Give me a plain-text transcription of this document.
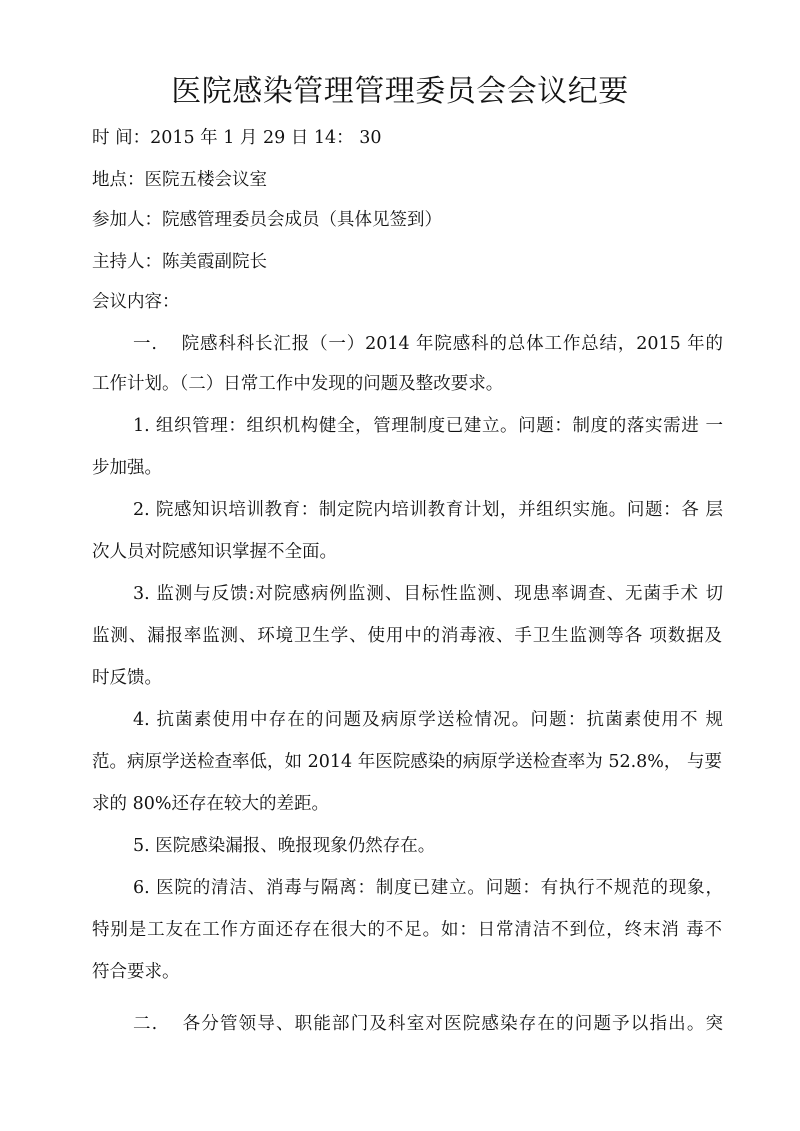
医院感染管理管理委员会会议纪要
时 间：2015 年 1 月 29 日 14： 30
地点：医院五楼会议室
参加人：院感管理委员会成员（具体见签到）
主持人：陈美霞副院长
会议内容：
一. 　院感科科长汇报（一）2014 年院感科的总体工作总结，2015 年的
工作计划。（二）日常工作中发现的问题及整改要求。
1. 组织管理：组织机构健全，管理制度已建立。问题：制度的落实需进 一
步加强。
2. 院感知识培训教育：制定院内培训教育计划，并组织实施。问题：各 层
次人员对院感知识掌握不全面。
3. 监测与反馈:对院感病例监测、目标性监测、现患率调查、无菌手术 切
监测、漏报率监测、环境卫生学、使用中的消毒液、手卫生监测等各 项数据及
时反馈。
4. 抗菌素使用中存在的问题及病原学送检情况。问题：抗菌素使用不 规
范。病原学送检查率低，如 2014 年医院感染的病原学送检查率为 52.8%， 与要
求的 80%还存在较大的差距。
5. 医院感染漏报、晚报现象仍然存在。
6. 医院的清洁、消毒与隔离：制度已建立。问题：有执行不规范的现象，
特别是工友在工作方面还存在很大的不足。如：日常清洁不到位，终末消 毒不
符合要求。
二. 　各分管领导、职能部门及科室对医院感染存在的问题予以指出。突
